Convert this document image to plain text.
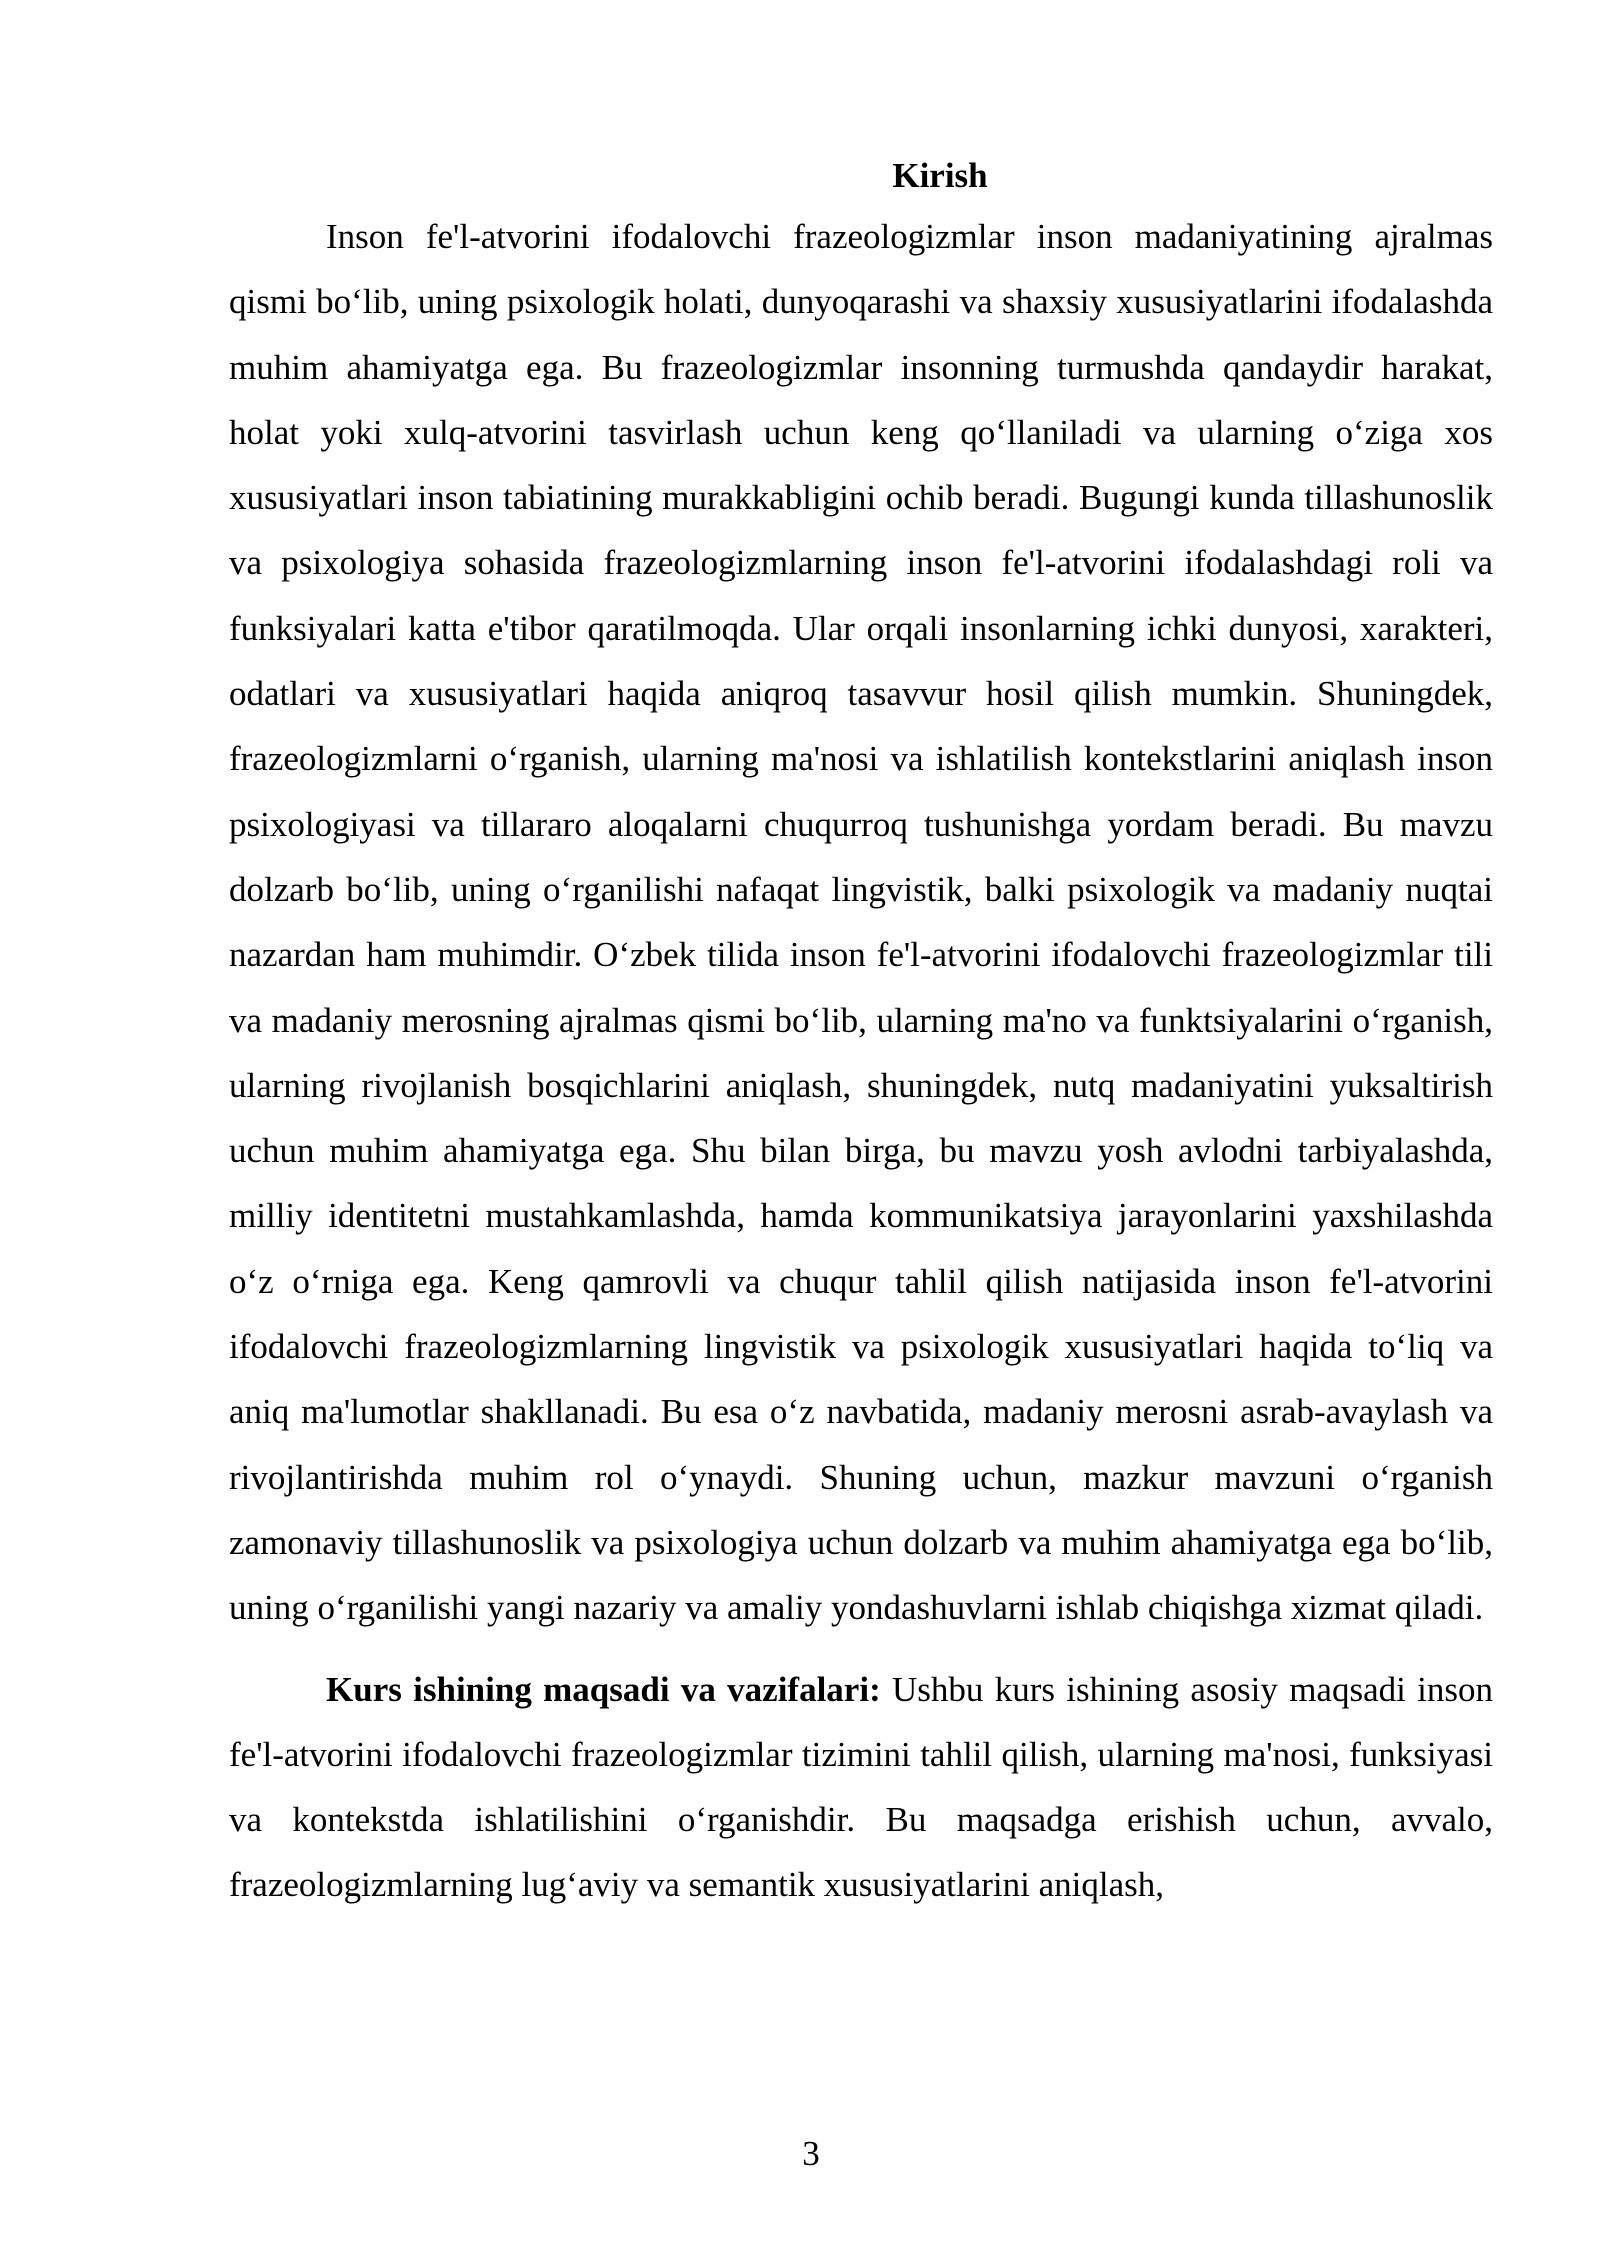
Kirish

Inson fe'l-atvorini ifodalovchi frazeologizmlar inson madaniyatining ajralmas qismi bo‘lib, uning psixologik holati, dunyoqarashi va shaxsiy xususiyatlarini ifodalashda muhim ahamiyatga ega. Bu frazeologizmlar insonning turmushda qandaydir harakat, holat yoki xulq-atvorini tasvirlash uchun keng qo‘llaniladi va ularning o‘ziga xos xususiyatlari inson tabiatining murakkabligini ochib beradi. Bugungi kunda tillashunoslik va psixologiya sohasida frazeologizmlarning inson fe'l-atvorini ifodalashdagi roli va funksiyalari katta e'tibor qaratilmoqda. Ular orqali insonlarning ichki dunyosi, xarakteri, odatlari va xususiyatlari haqida aniqroq tasavvur hosil qilish mumkin. Shuningdek, frazeologizmlarni o‘rganish, ularning ma'nosi va ishlatilish kontekstlarini aniqlash inson psixologiyasi va tillararo aloqalarni chuqurroq tushunishga yordam beradi. Bu mavzu dolzarb bo‘lib, uning o‘rganilishi nafaqat lingvistik, balki psixologik va madaniy nuqtai nazardan ham muhimdir. O‘zbek tilida inson fe'l-atvorini ifodalovchi frazeologizmlar tili va madaniy merosning ajralmas qismi bo‘lib, ularning ma'no va funktsiyalarini o‘rganish, ularning rivojlanish bosqichlarini aniqlash, shuningdek, nutq madaniyatini yuksaltirish uchun muhim ahamiyatga ega. Shu bilan birga, bu mavzu yosh avlodni tarbiyalashda, milliy identitetni mustahkamlashda, hamda kommunikatsiya jarayonlarini yaxshilashda o‘z o‘rniga ega. Keng qamrovli va chuqur tahlil qilish natijasida inson fe'l-atvorini ifodalovchi frazeologizmlarning lingvistik va psixologik xususiyatlari haqida to‘liq va aniq ma'lumotlar shakllanadi. Bu esa o‘z navbatida, madaniy merosni asrab-avaylash va rivojlantirishda muhim rol o‘ynaydi. Shuning uchun, mazkur mavzuni o‘rganish zamonaviy tillashunoslik va psixologiya uchun dolzarb va muhim ahamiyatga ega bo‘lib, uning o‘rganilishi yangi nazariy va amaliy yondashuvlarni ishlab chiqishga xizmat qiladi.

Kurs ishining maqsadi va vazifalari: Ushbu kurs ishining asosiy maqsadi inson fe'l-atvorini ifodalovchi frazeologizmlar tizimini tahlil qilish, ularning ma'nosi, funksiyasi va kontekstda ishlatilishini o‘rganishdir. Bu maqsadga erishish uchun, avvalo, frazeologizmlarning lug‘aviy va semantik xususiyatlarini aniqlash,

3
